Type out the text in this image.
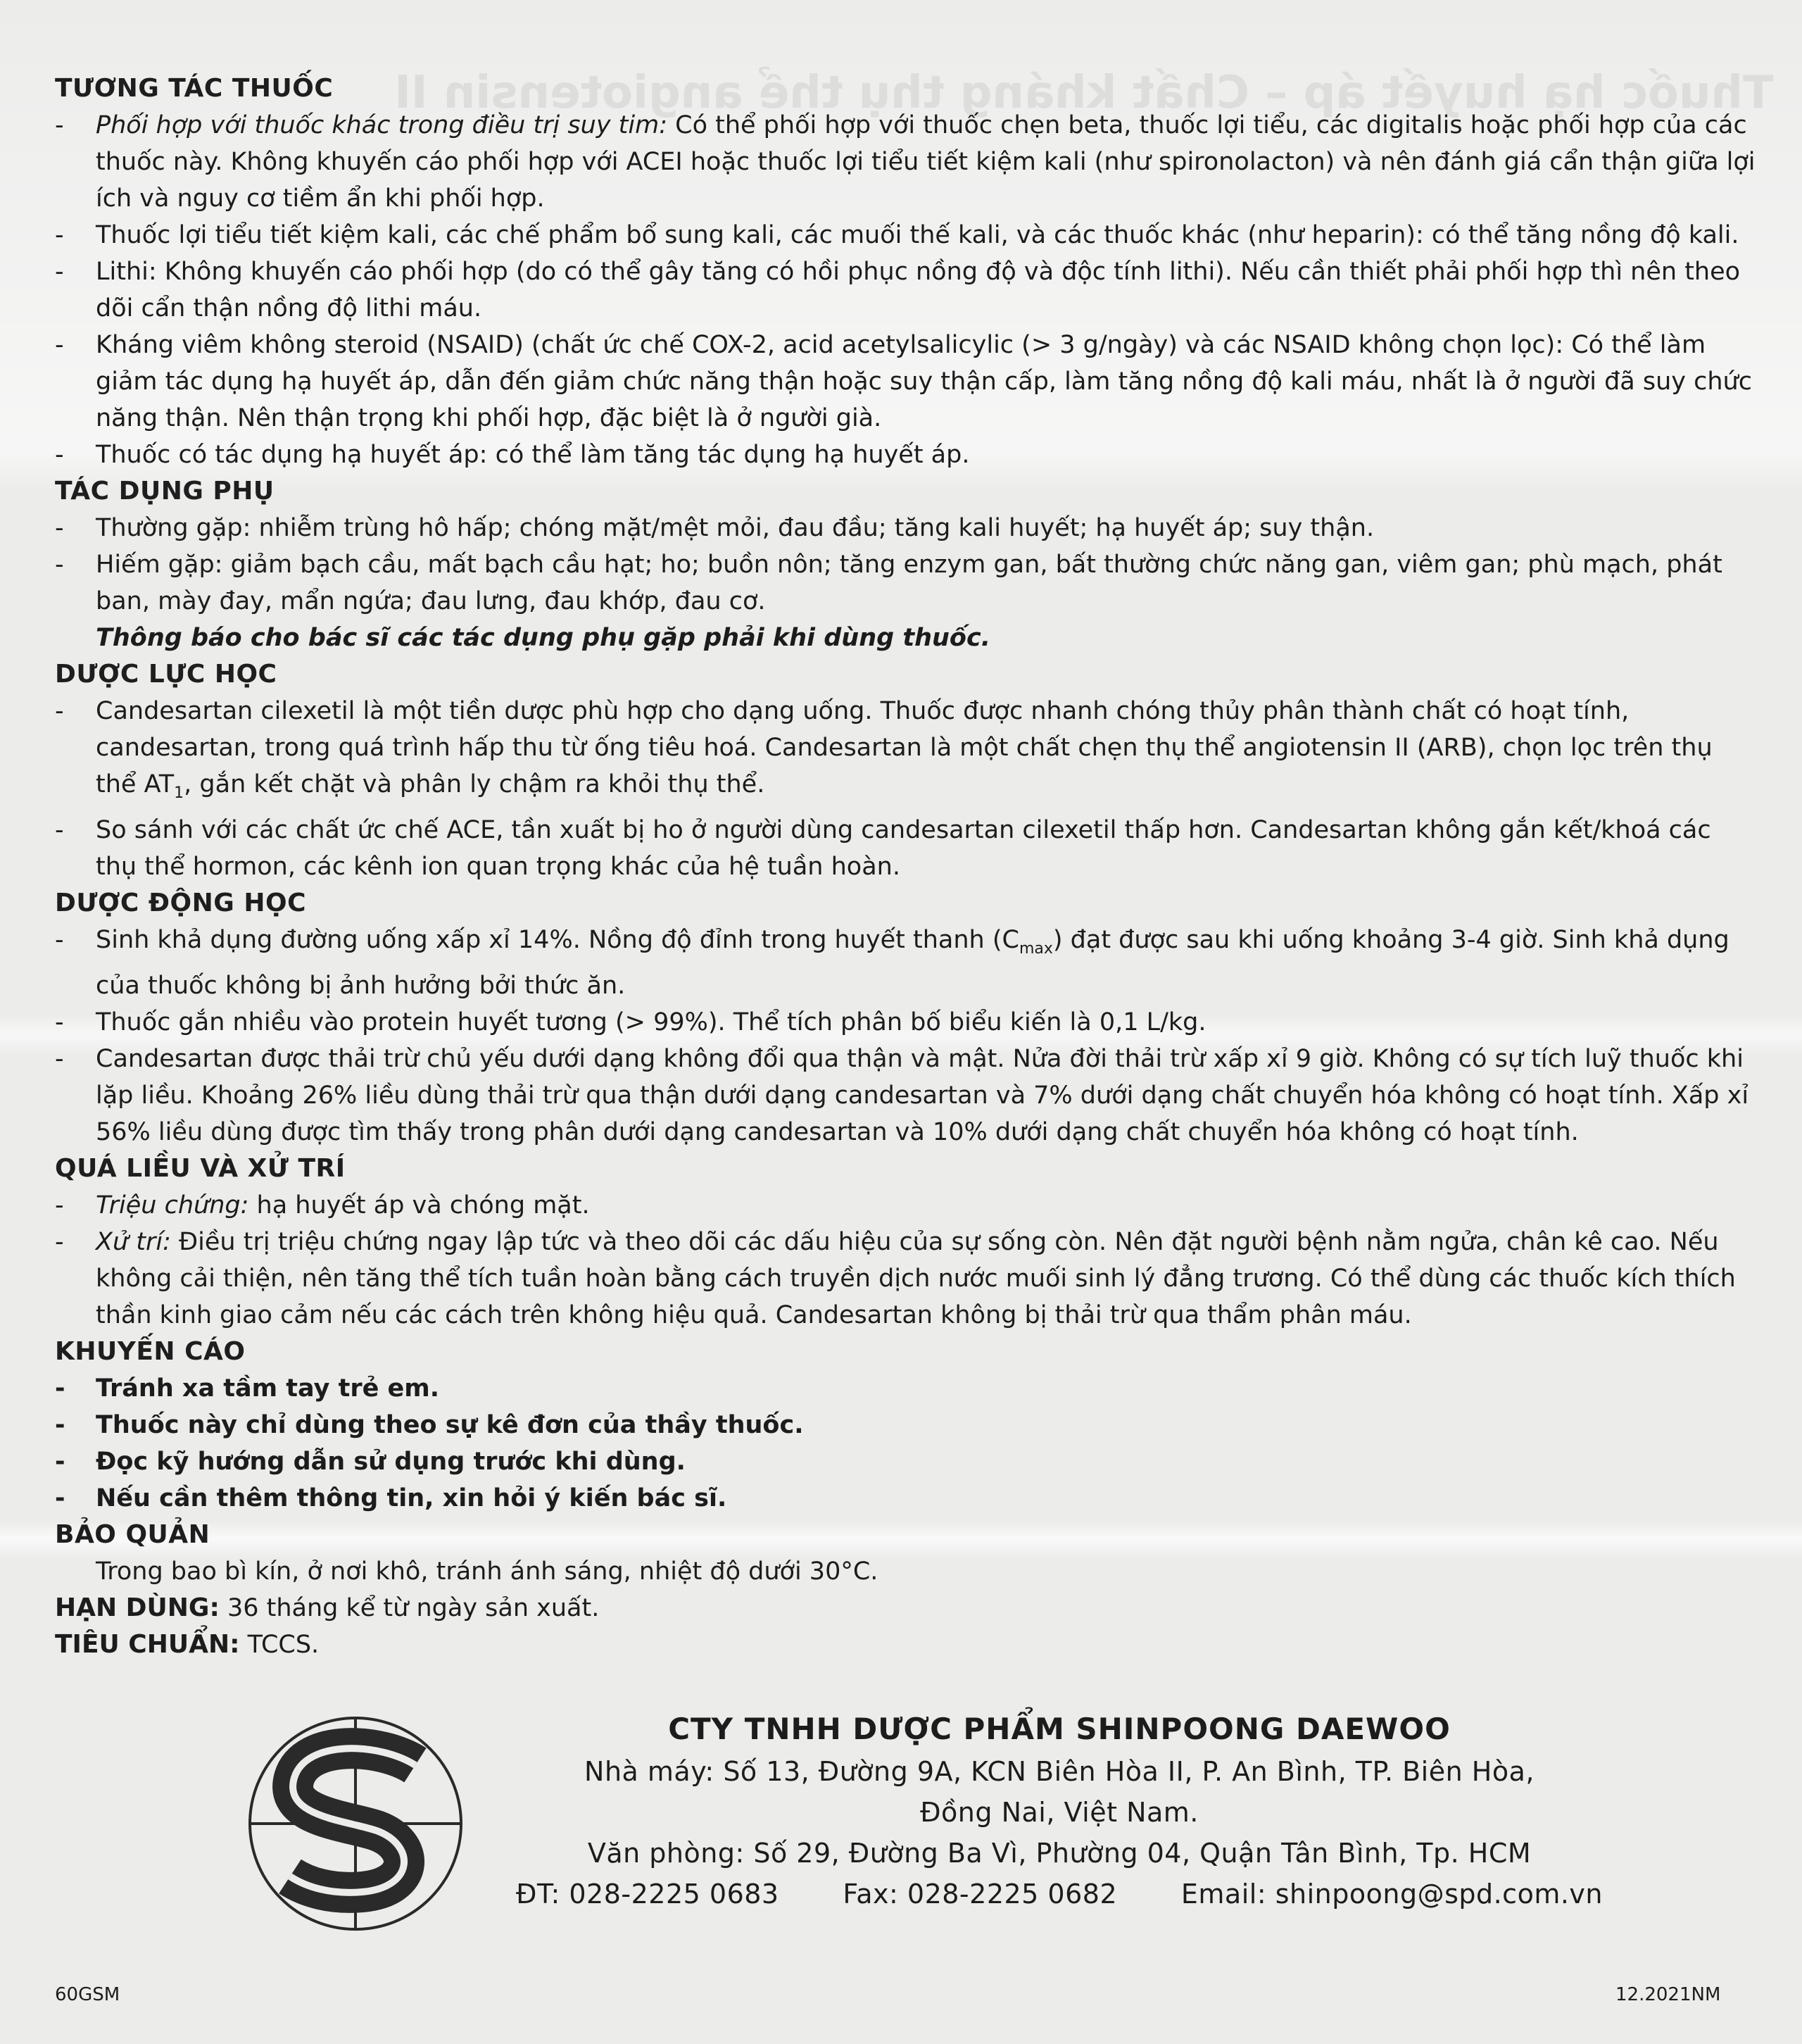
Thuốc hạ huyết áp – Chất kháng thụ thể angiotensin II
TƯƠNG TÁC THUỐC
-	Phối hợp với thuốc khác trong điều trị suy tim: Có thể phối hợp với thuốc chẹn beta, thuốc lợi tiểu, các digitalis hoặc phối hợp của các thuốc này. Không khuyến cáo phối hợp với ACEI hoặc thuốc lợi tiểu tiết kiệm kali (như spironolacton) và nên đánh giá cẩn thận giữa lợi ích và nguy cơ tiềm ẩn khi phối hợp.
-	Thuốc lợi tiểu tiết kiệm kali, các chế phẩm bổ sung kali, các muối thế kali, và các thuốc khác (như heparin): có thể tăng nồng độ kali.
-	Lithi: Không khuyến cáo phối hợp (do có thể gây tăng có hồi phục nồng độ và độc tính lithi). Nếu cần thiết phải phối hợp thì nên theo dõi cẩn thận nồng độ lithi máu.
-	Kháng viêm không steroid (NSAID) (chất ức chế COX-2, acid acetylsalicylic (> 3 g/ngày) và các NSAID không chọn lọc): Có thể làm giảm tác dụng hạ huyết áp, dẫn đến giảm chức năng thận hoặc suy thận cấp, làm tăng nồng độ kali máu, nhất là ở người đã suy chức năng thận. Nên thận trọng khi phối hợp, đặc biệt là ở người già.
-	Thuốc có tác dụng hạ huyết áp: có thể làm tăng tác dụng hạ huyết áp.
TÁC DỤNG PHỤ
-	Thường gặp: nhiễm trùng hô hấp; chóng mặt/mệt mỏi, đau đầu; tăng kali huyết; hạ huyết áp; suy thận.
-	Hiếm gặp: giảm bạch cầu, mất bạch cầu hạt; ho; buồn nôn; tăng enzym gan, bất thường chức năng gan, viêm gan; phù mạch, phát ban, mày đay, mẩn ngứa; đau lưng, đau khớp, đau cơ.
Thông báo cho bác sĩ các tác dụng phụ gặp phải khi dùng thuốc.
DƯỢC LỰC HỌC
-	Candesartan cilexetil là một tiền dược phù hợp cho dạng uống. Thuốc được nhanh chóng thủy phân thành chất có hoạt tính, candesartan, trong quá trình hấp thu từ ống tiêu hoá. Candesartan là một chất chẹn thụ thể angiotensin II (ARB), chọn lọc trên thụ thể $AT_1$, gắn kết chặt và phân ly chậm ra khỏi thụ thể.
-	So sánh với các chất ức chế ACE, tần xuất bị ho ở người dùng candesartan cilexetil thấp hơn. Candesartan không gắn kết/khoá các thụ thể hormon, các kênh ion quan trọng khác của hệ tuần hoàn.
DƯỢC ĐỘNG HỌC
-	Sinh khả dụng đường uống xấp xỉ 14%. Nồng độ đỉnh trong huyết thanh $(C_{max})$ đạt được sau khi uống khoảng 3-4 giờ. Sinh khả dụng của thuốc không bị ảnh hưởng bởi thức ăn.
-	Thuốc gắn nhiều vào protein huyết tương (> 99%). Thể tích phân bố biểu kiến là 0,1 L/kg.
-	Candesartan được thải trừ chủ yếu dưới dạng không đổi qua thận và mật. Nửa đời thải trừ xấp xỉ 9 giờ. Không có sự tích luỹ thuốc khi lặp liều. Khoảng 26% liều dùng thải trừ qua thận dưới dạng candesartan và 7% dưới dạng chất chuyển hóa không có hoạt tính. Xấp xỉ 56% liều dùng được tìm thấy trong phân dưới dạng candesartan và 10% dưới dạng chất chuyển hóa không có hoạt tính.
QUÁ LIỀU VÀ XỬ TRÍ
-	Triệu chứng: hạ huyết áp và chóng mặt.
-	Xử trí: Điều trị triệu chứng ngay lập tức và theo dõi các dấu hiệu của sự sống còn. Nên đặt người bệnh nằm ngửa, chân kê cao. Nếu không cải thiện, nên tăng thể tích tuần hoàn bằng cách truyền dịch nước muối sinh lý đẳng trương. Có thể dùng các thuốc kích thích thần kinh giao cảm nếu các cách trên không hiệu quả. Candesartan không bị thải trừ qua thẩm phân máu.
KHUYẾN CÁO
-	Tránh xa tầm tay trẻ em.
-	Thuốc này chỉ dùng theo sự kê đơn của thầy thuốc.
-	Đọc kỹ hướng dẫn sử dụng trước khi dùng.
-	Nếu cần thêm thông tin, xin hỏi ý kiến bác sĩ.
BẢO QUẢN
Trong bao bì kín, ở nơi khô, tránh ánh sáng, nhiệt độ dưới 30°C.
HẠN DÙNG: 36 tháng kể từ ngày sản xuất.
TIÊU CHUẨN: TCCS.
CTY TNHH DƯỢC PHẨM SHINPOONG DAEWOO
Nhà máy: Số 13, Đường 9A, KCN Biên Hòa II, P. An Bình, TP. Biên Hòa,
Đồng Nai, Việt Nam.
Văn phòng: Số 29, Đường Ba Vì, Phường 04, Quận Tân Bình, Tp. HCM
ĐT: 028-2225 0683 Fax: 028-2225 0682 Email: shinpoong@spd.com.vn
60GSM	12.2021NM
